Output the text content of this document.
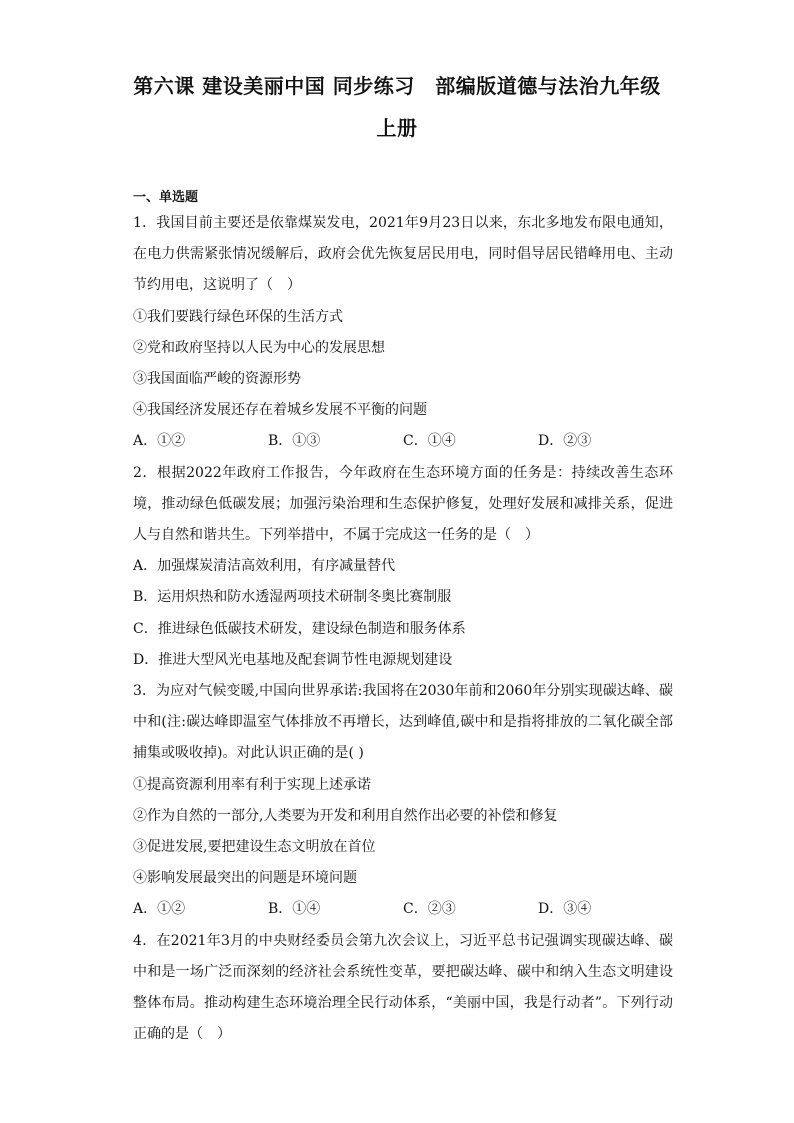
第六课 建设美丽中国 同步练习　部编版道德与法治九年级
上册
一、单选题

1．我国目前主要还是依靠煤炭发电，2021年9月23日以来，东北多地发布限电通知，在电力供需紧张情况缓解后，政府会优先恢复居民用电，同时倡导居民错峰用电、主动节约用电，这说明了（　）

①我们要践行绿色环保的生活方式

②党和政府坚持以人民为中心的发展思想

③我国面临严峻的资源形势

④我国经济发展还存在着城乡发展不平衡的问题

A．①②	B．①③	C．①④	D．②③

2．根据2022年政府工作报告，今年政府在生态环境方面的任务是：持续改善生态环境，推动绿色低碳发展；加强污染治理和生态保护修复，处理好发展和减排关系，促进人与自然和谐共生。下列举措中，不属于完成这一任务的是（　）

A．加强煤炭清洁高效利用，有序减量替代

B．运用炽热和防水透湿两项技术研制冬奥比赛制服

C．推进绿色低碳技术研发，建设绿色制造和服务体系

D．推进大型风光电基地及配套调节性电源规划建设

3．为应对气候变暖,中国向世界承诺:我国将在2030年前和2060年分别实现碳达峰、碳中和(注:碳达峰即温室气体排放不再增长，达到峰值,碳中和是指将排放的二氧化碳全部捕集或吸收掉)。对此认识正确的是( )

①提高资源利用率有利于实现上述承诺

②作为自然的一部分,人类要为开发和利用自然作出必要的补偿和修复

③促进发展,要把建设生态文明放在首位

④影响发展最突出的问题是环境问题

A．①②	B．①④	C．②③	D．③④

4．在2021年3月的中央财经委员会第九次会议上，习近平总书记强调实现碳达峰、碳中和是一场广泛而深刻的经济社会系统性变革，要把碳达峰、碳中和纳入生态文明建设整体布局。推动构建生态环境治理全民行动体系，“美丽中国，我是行动者”。下列行动正确的是（　）
